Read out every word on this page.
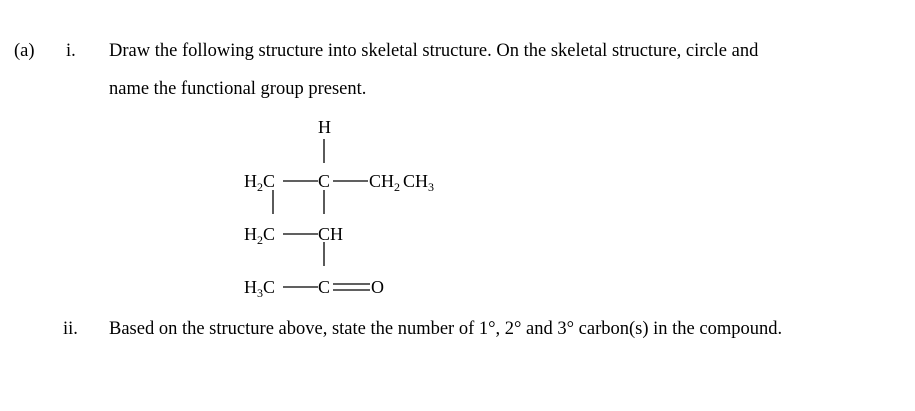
(a) i. Draw the following structure into skeletal structure. On the skeletal structure, circle and
name the functional group present.
ii. Based on the structure above, state the number of 1°, 2° and 3° carbon(s) in the compound.
H
$H_2C$ C $CH_2$ $CH_3$
$H_2C$ CH
$H_3C$ C O
